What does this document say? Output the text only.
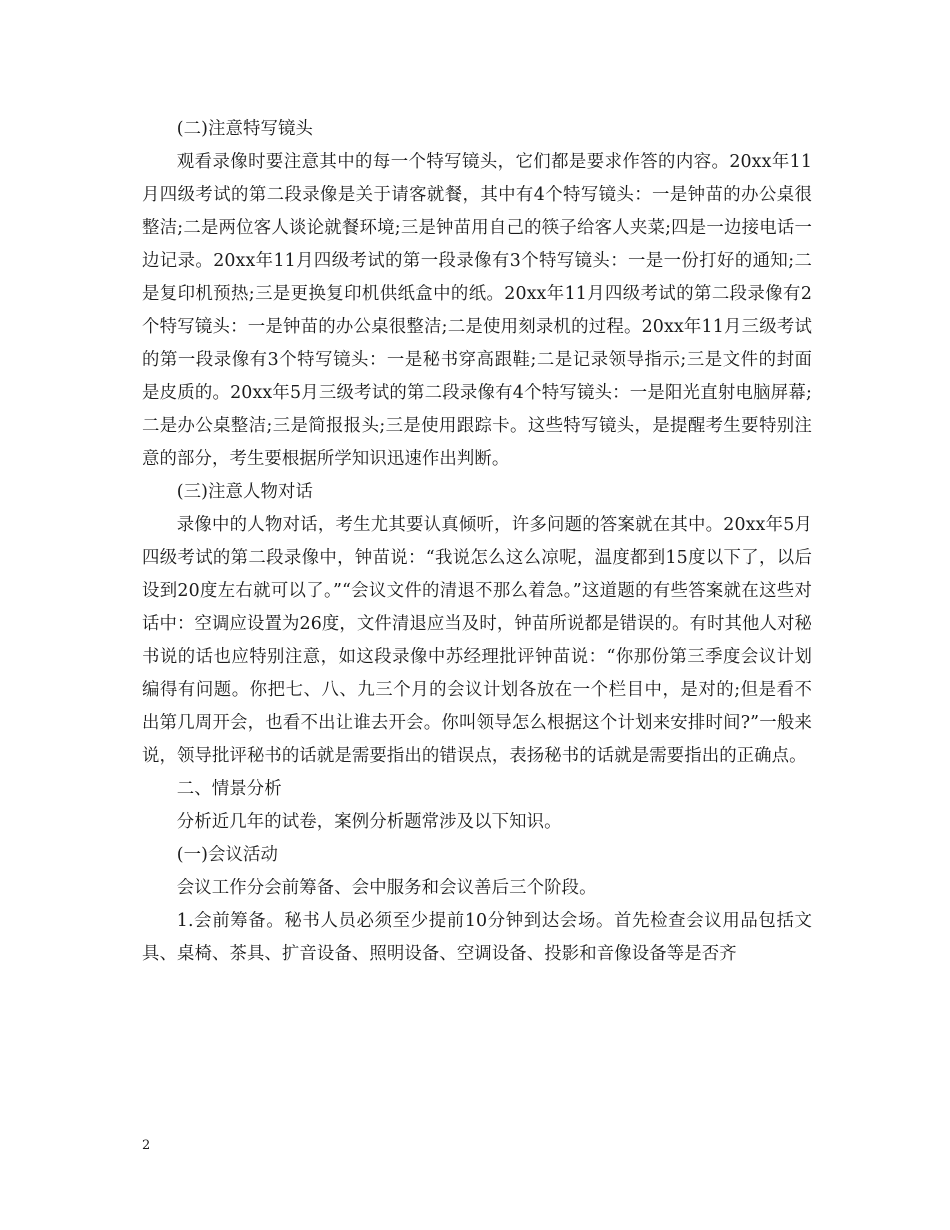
(二)注意特写镜头

观看录像时要注意其中的每一个特写镜头，它们都是要求作答的内容。20xx年11月四级考试的第二段录像是关于请客就餐，其中有4个特写镜头：一是钟苗的办公桌很整洁;二是两位客人谈论就餐环境;三是钟苗用自己的筷子给客人夹菜;四是一边接电话一边记录。20xx年11月四级考试的第一段录像有3个特写镜头：一是一份打好的通知;二是复印机预热;三是更换复印机供纸盒中的纸。20xx年11月四级考试的第二段录像有2个特写镜头：一是钟苗的办公桌很整洁;二是使用刻录机的过程。20xx年11月三级考试的第一段录像有3个特写镜头：一是秘书穿高跟鞋;二是记录领导指示;三是文件的封面是皮质的。20xx年5月三级考试的第二段录像有4个特写镜头：一是阳光直射电脑屏幕;二是办公桌整洁;三是简报报头;三是使用跟踪卡。这些特写镜头，是提醒考生要特别注意的部分，考生要根据所学知识迅速作出判断。

(三)注意人物对话

录像中的人物对话，考生尤其要认真倾听，许多问题的答案就在其中。20xx年5月四级考试的第二段录像中，钟苗说：“我说怎么这么凉呢，温度都到15度以下了，以后设到20度左右就可以了。”“会议文件的清退不那么着急。”这道题的有些答案就在这些对话中：空调应设置为26度，文件清退应当及时，钟苗所说都是错误的。有时其他人对秘书说的话也应特别注意，如这段录像中苏经理批评钟苗说：“你那份第三季度会议计划编得有问题。你把七、八、九三个月的会议计划各放在一个栏目中，是对的;但是看不出第几周开会，也看不出让谁去开会。你叫领导怎么根据这个计划来安排时间?”一般来说，领导批评秘书的话就是需要指出的错误点，表扬秘书的话就是需要指出的正确点。

二、情景分析

分析近几年的试卷，案例分析题常涉及以下知识。

(一)会议活动

会议工作分会前筹备、会中服务和会议善后三个阶段。

1.会前筹备。秘书人员必须至少提前10分钟到达会场。首先检查会议用品包括文具、桌椅、茶具、扩音设备、照明设备、空调设备、投影和音像设备等是否齐

2
